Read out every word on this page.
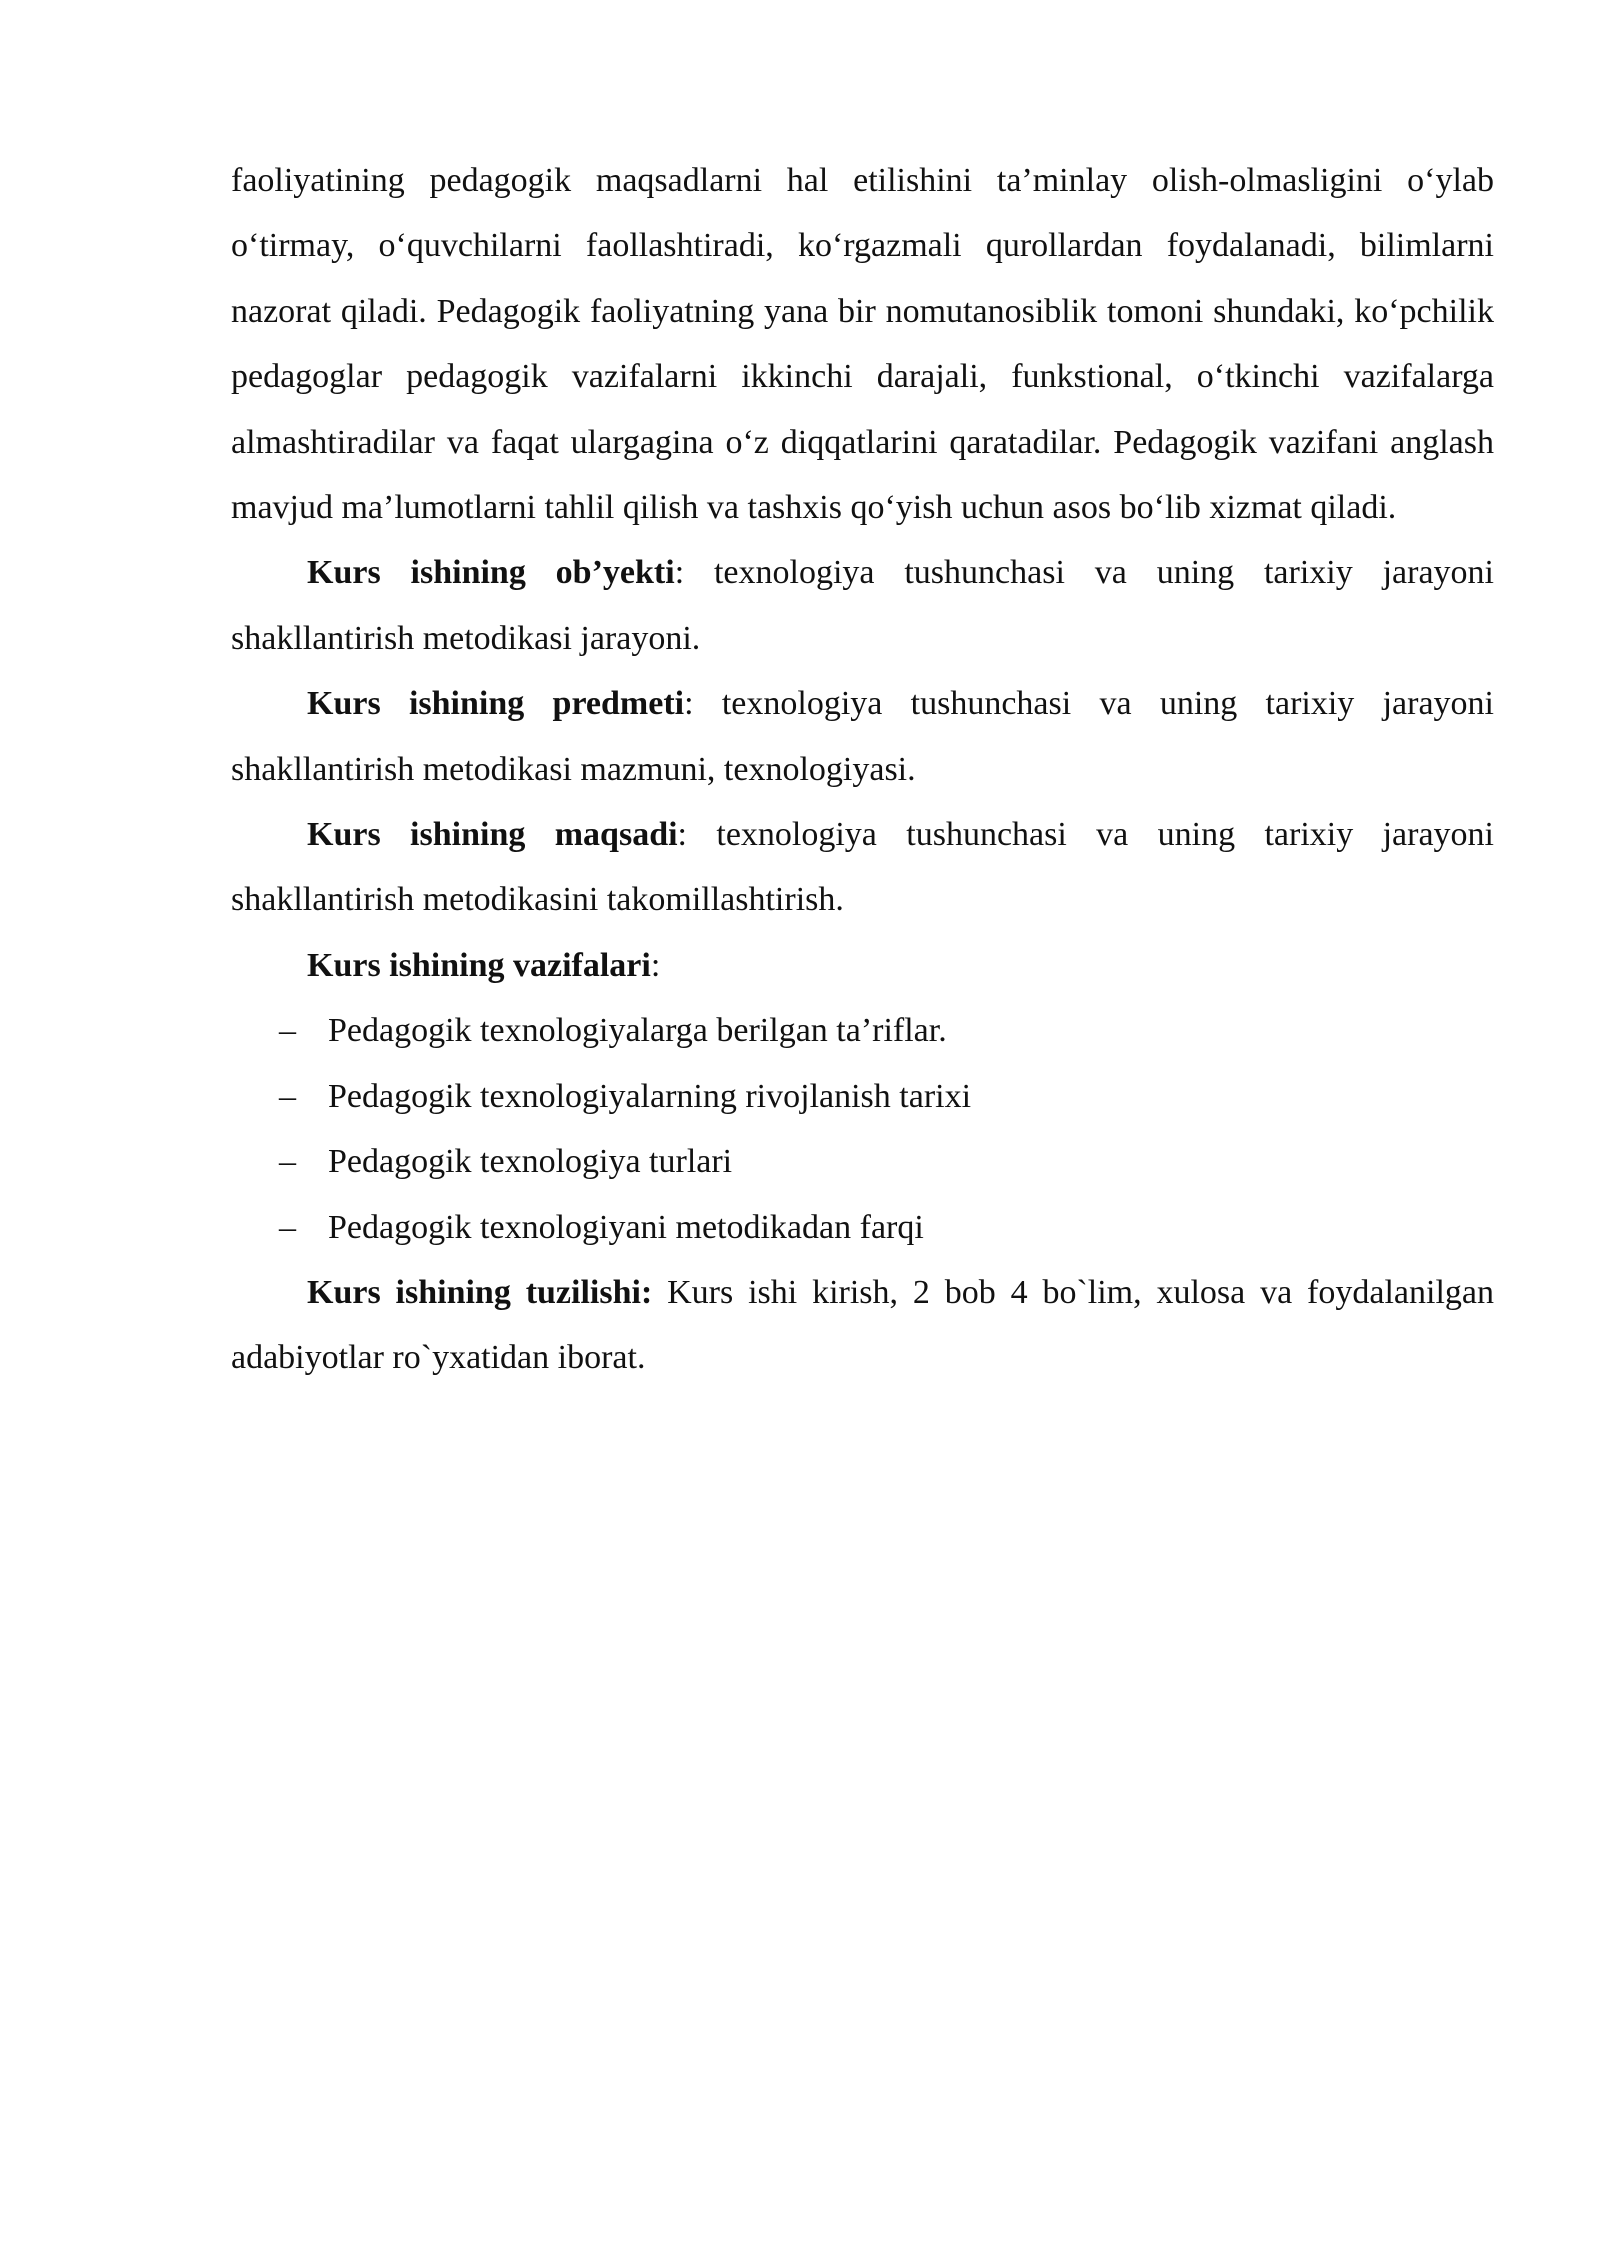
faoliyatining pedagogik maqsadlarni hal etilishini ta’minlay olish-olmasligini o‘ylab o‘tirmay, o‘quvchilarni faollashtiradi, ko‘rgazmali qurollardan foydalanadi, bilimlarni nazorat qiladi. Pedagogik faoliyatning yana bir nomutanosiblik tomoni shundaki, ko‘pchilik pedagoglar pedagogik vazifalarni ikkinchi darajali, funkstional, o‘tkinchi vazifalarga almashtiradilar va faqat ulargagina o‘z diqqatlarini qaratadilar. Pedagogik vazifani anglash mavjud ma’lumotlarni tahlil qilish va tashxis qo‘yish uchun asos bo‘lib xizmat qiladi.

Kurs ishining ob’yekti: texnologiya tushunchasi va uning tarixiy jarayoni shakllantirish metodikasi jarayoni.

Kurs ishining predmeti: texnologiya tushunchasi va uning tarixiy jarayoni shakllantirish metodikasi mazmuni, texnologiyasi.

Kurs ishining maqsadi: texnologiya tushunchasi va uning tarixiy jarayoni shakllantirish metodikasini takomillashtirish.

Kurs ishining vazifalari:

– Pedagogik texnologiyalarga berilgan ta’riflar.
– Pedagogik texnologiyalarning rivojlanish tarixi
– Pedagogik texnologiya turlari
– Pedagogik texnologiyani metodikadan farqi

Kurs ishining tuzilishi: Kurs ishi kirish, 2 bob 4 bo`lim, xulosa va foydalanilgan adabiyotlar ro`yxatidan iborat.
